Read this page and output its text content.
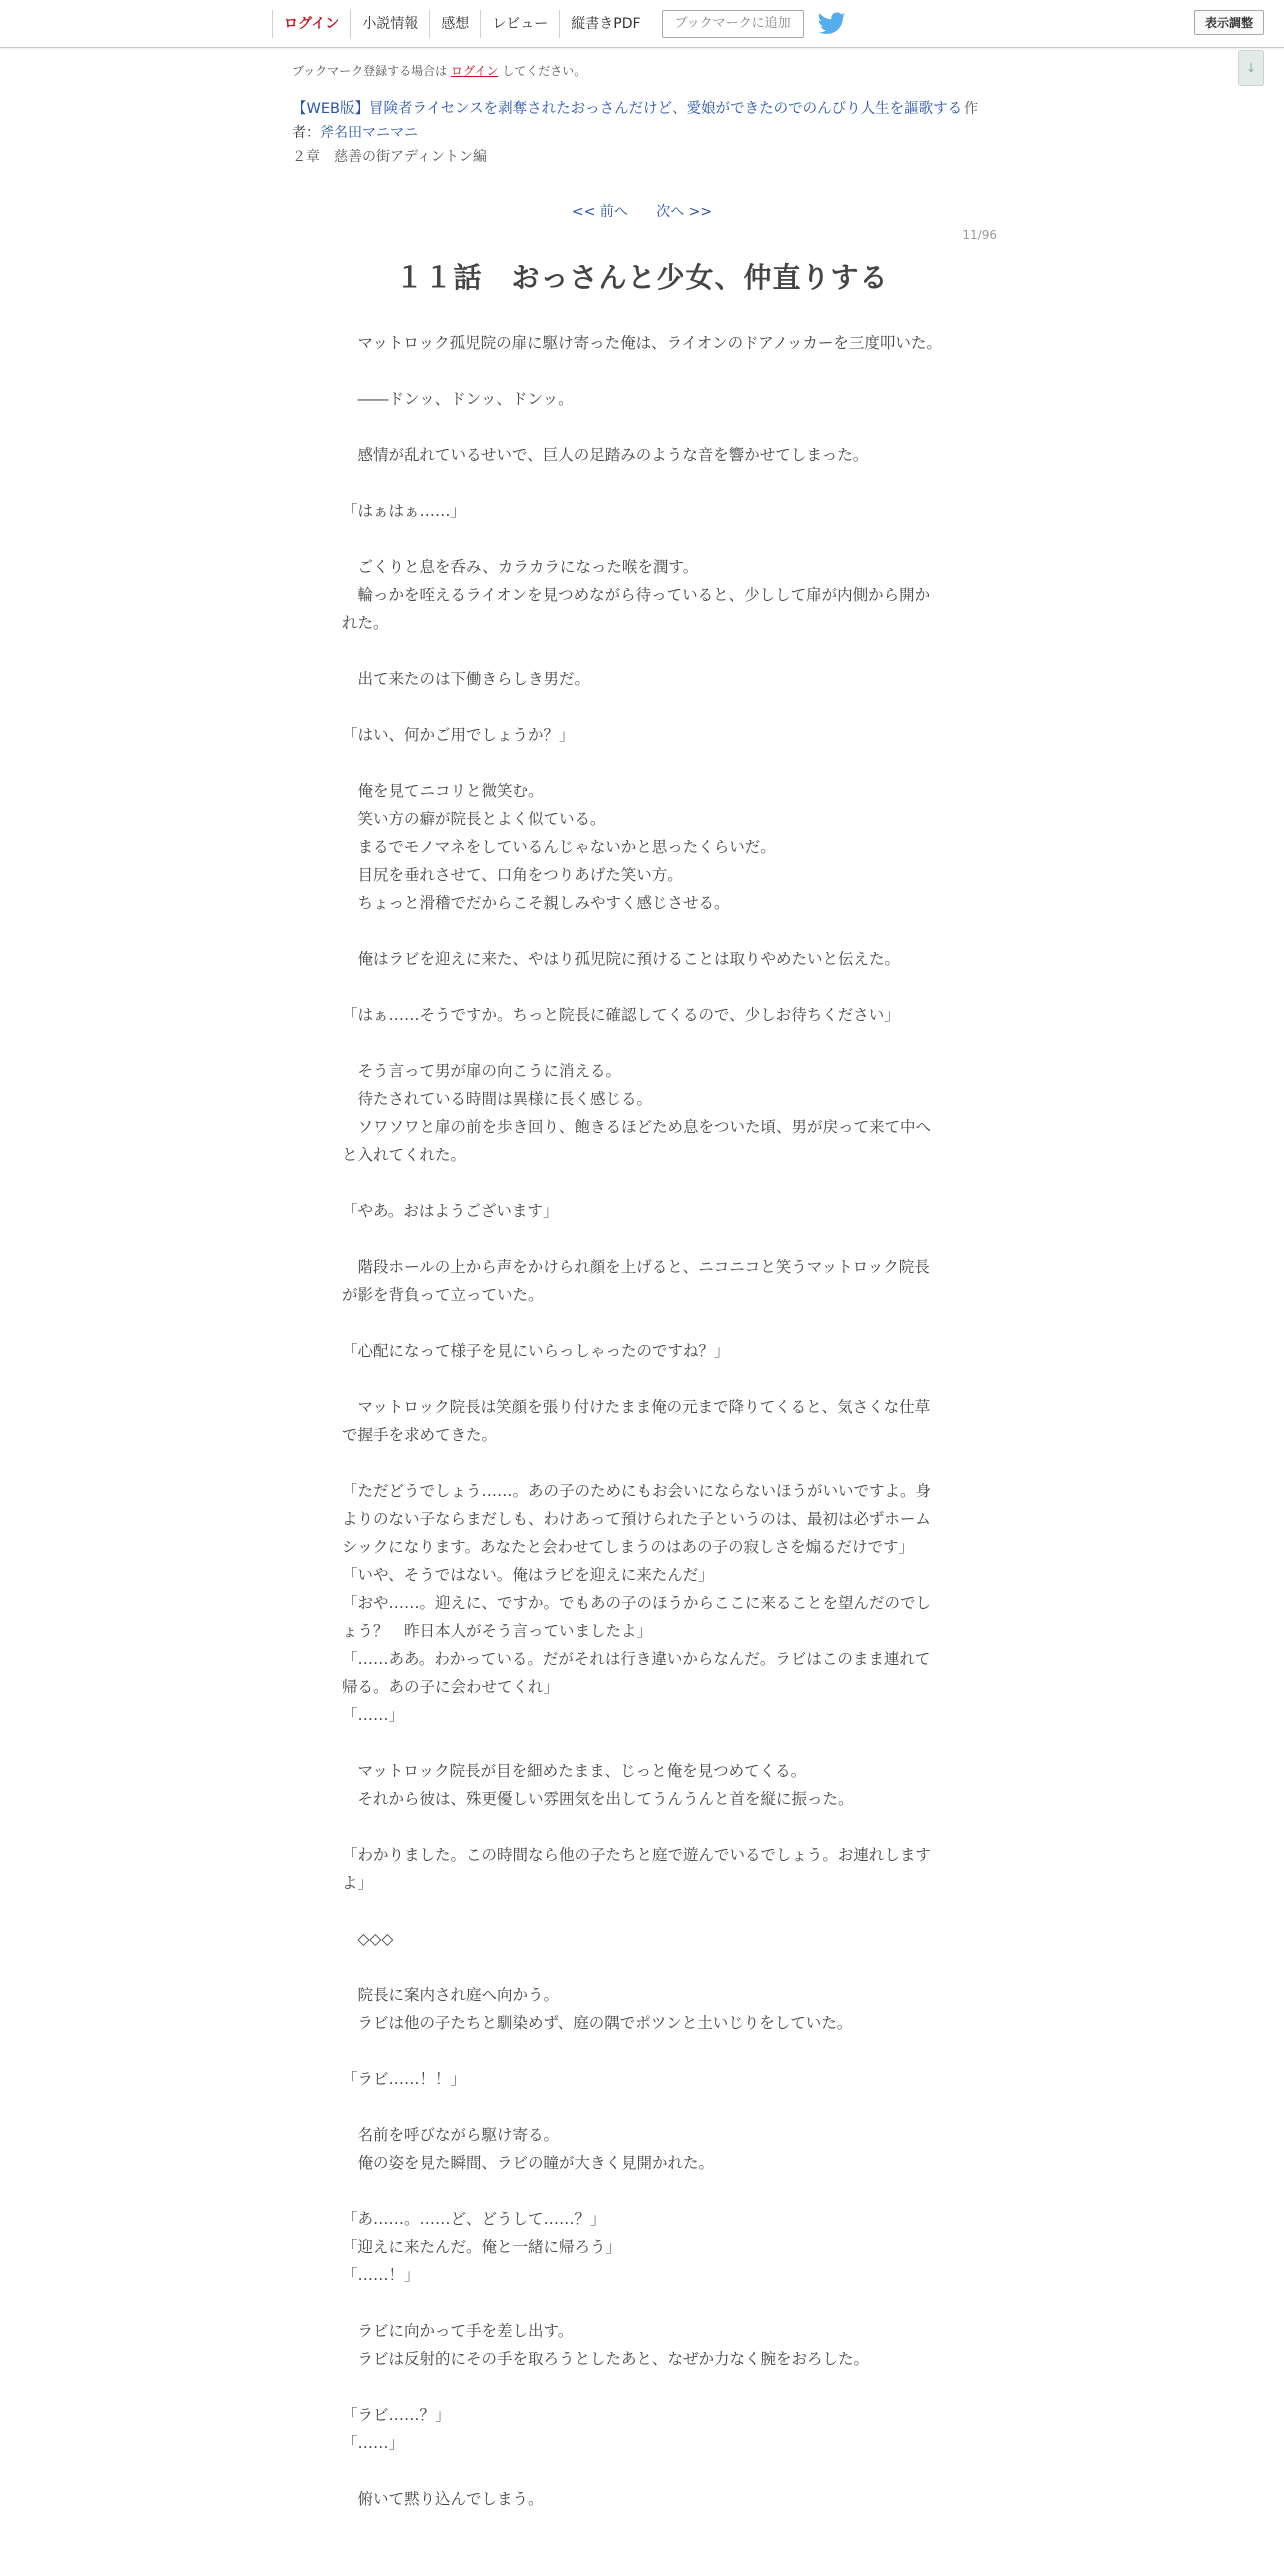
ログイン	小説情報	感想	レビュー	縦書きPDF	ブックマークに追加	表示調整
↓
ブックマーク登録する場合は ログイン してください。
【WEB版】冒険者ライセンスを剥奪されたおっさんだけど、愛娘ができたのでのんびり人生を謳歌する 作
者：斧名田マニマニ
２章　慈善の街アディントン編
<< 前へ 次へ >>
11/96
１１話　おっさんと少女、仲直りする

　マットロック孤児院の扉に駆け寄った俺は、ライオンのドアノッカーを三度叩いた。

　――ドンッ、ドンッ、ドンッ。

　感情が乱れているせいで、巨人の足踏みのような音を響かせてしまった。

「はぁはぁ……」

　ごくりと息を呑み、カラカラになった喉を潤す。

　輪っかを咥えるライオンを見つめながら待っていると、少しして扉が内側から開かれた。

　出て来たのは下働きらしき男だ。

「はい、何かご用でしょうか？」

　俺を見てニコリと微笑む。

　笑い方の癖が院長とよく似ている。

　まるでモノマネをしているんじゃないかと思ったくらいだ。

　目尻を垂れさせて、口角をつりあげた笑い方。

　ちょっと滑稽でだからこそ親しみやすく感じさせる。

　俺はラビを迎えに来た、やはり孤児院に預けることは取りやめたいと伝えた。

「はぁ……そうですか。ちっと院長に確認してくるので、少しお待ちください」

　そう言って男が扉の向こうに消える。

　待たされている時間は異様に長く感じる。

　ソワソワと扉の前を歩き回り、飽きるほどため息をついた頃、男が戻って来て中へと入れてくれた。

「やあ。おはようございます」

　階段ホールの上から声をかけられ顔を上げると、ニコニコと笑うマットロック院長が影を背負って立っていた。

「心配になって様子を見にいらっしゃったのですね？」

　マットロック院長は笑顔を張り付けたまま俺の元まで降りてくると、気さくな仕草で握手を求めてきた。

「ただどうでしょう……。あの子のためにもお会いにならないほうがいいですよ。身よりのない子ならまだしも、わけあって預けられた子というのは、最初は必ずホームシックになります。あなたと会わせてしまうのはあの子の寂しさを煽るだけです」

「いや、そうではない。俺はラビを迎えに来たんだ」

「おや……。迎えに、ですか。でもあの子のほうからここに来ることを望んだのでしょう？　昨日本人がそう言っていましたよ」

「……ああ。わかっている。だがそれは行き違いからなんだ。ラビはこのまま連れて帰る。あの子に会わせてくれ」

「……」

　マットロック院長が目を細めたまま、じっと俺を見つめてくる。

　それから彼は、殊更優しい雰囲気を出してうんうんと首を縦に振った。

「わかりました。この時間なら他の子たちと庭で遊んでいるでしょう。お連れしますよ」

　◇◇◇

　院長に案内され庭へ向かう。

　ラビは他の子たちと馴染めず、庭の隅でポツンと土いじりをしていた。

「ラビ……！！」

　名前を呼びながら駆け寄る。

　俺の姿を見た瞬間、ラビの瞳が大きく見開かれた。

「あ……。……ど、どうして……？」

「迎えに来たんだ。俺と一緒に帰ろう」

「……！」

　ラビに向かって手を差し出す。

　ラビは反射的にその手を取ろうとしたあと、なぜか力なく腕をおろした。

「ラビ……？」

「……」

　俯いて黙り込んでしまう。
